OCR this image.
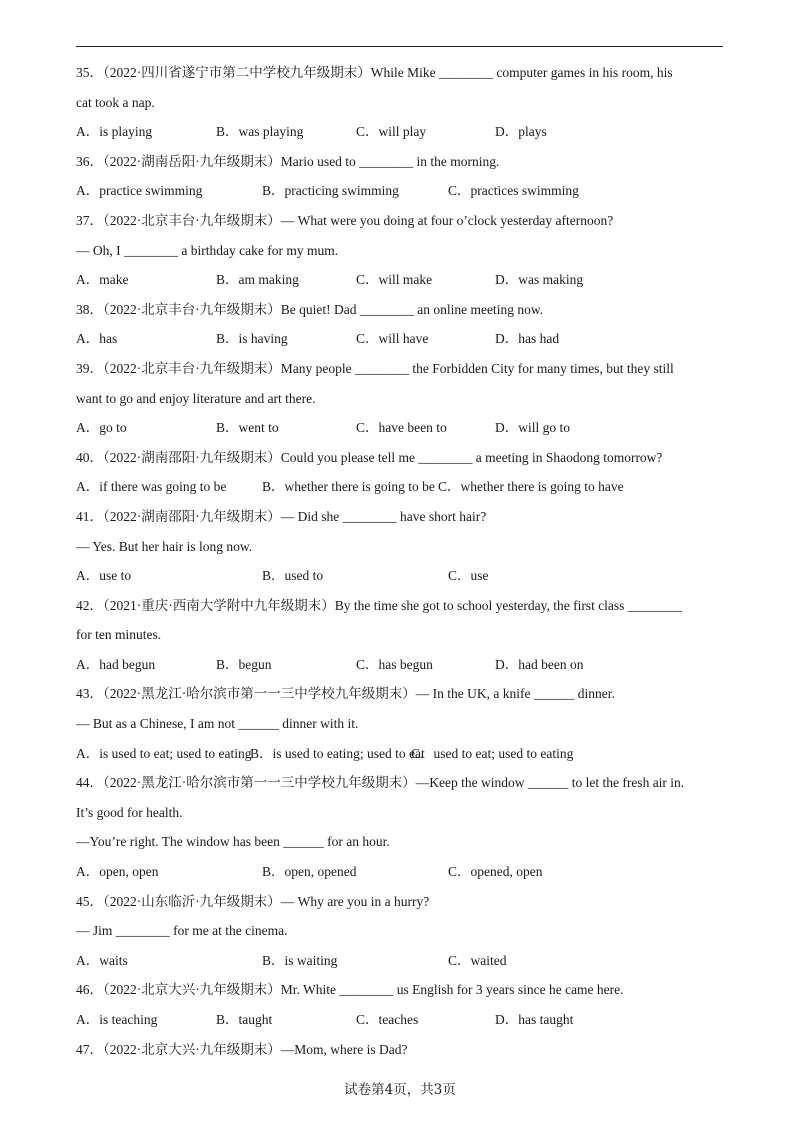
35．（2022·四川省遂宁市第二中学校九年级期末）While Mike ________ computer games in his room, his
cat took a nap.
A．is playing	B．was playing	C．will play	D．plays
36．（2022·湖南岳阳·九年级期末）Mario used to ________ in the morning.
A．practice swimming	B．practicing swimming	C．practices swimming
37．（2022·北京丰台·九年级期末）— What were you doing at four o’clock yesterday afternoon?
— Oh, I ________ a birthday cake for my mum.
A．make	B．am making	C．will make	D．was making
38．（2022·北京丰台·九年级期末）Be quiet! Dad ________ an online meeting now.
A．has	B．is having	C．will have	D．has had
39．（2022·北京丰台·九年级期末）Many people ________ the Forbidden City for many times, but they still
want to go and enjoy literature and art there.
A．go to	B．went to	C．have been to	D．will go to
40．（2022·湖南邵阳·九年级期末）Could you please tell me ________ a meeting in Shaodong tomorrow?
A．if there was going to be	B．whether there is going to be C．whether there is going to have
41．（2022·湖南邵阳·九年级期末）— Did she ________ have short hair?
— Yes. But her hair is long now.
A．use to	B．used to	C．use
42．（2021·重庆·西南大学附中九年级期末）By the time she got to school yesterday, the first class ________
for ten minutes.
A．had begun	B．begun	C．has begun	D．had been on
43．（2022·黑龙江·哈尔滨市第一一三中学校九年级期末）— In the UK, a knife ______ dinner.
— But as a Chinese, I am not ______ dinner with it.
A．is used to eat; used to eating
B．is used to eating; used to eat
C．used to eat; used to eating
44．（2022·黑龙江·哈尔滨市第一一三中学校九年级期末）—Keep the window ______ to let the fresh air in.
It’s good for health.
—You’re right. The window has been ______ for an hour.
A．open, open	B．open, opened	C．opened, open
45．（2022·山东临沂·九年级期末）— Why are you in a hurry?
— Jim ________ for me at the cinema.
A．waits	B．is waiting	C．waited
46．（2022·北京大兴·九年级期末）Mr. White ________ us English for 3 years since he came here.
A．is teaching	B．taught	C．teaches	D．has taught
47．（2022·北京大兴·九年级期末）—Mom, where is Dad?
试卷第4页，共3页
